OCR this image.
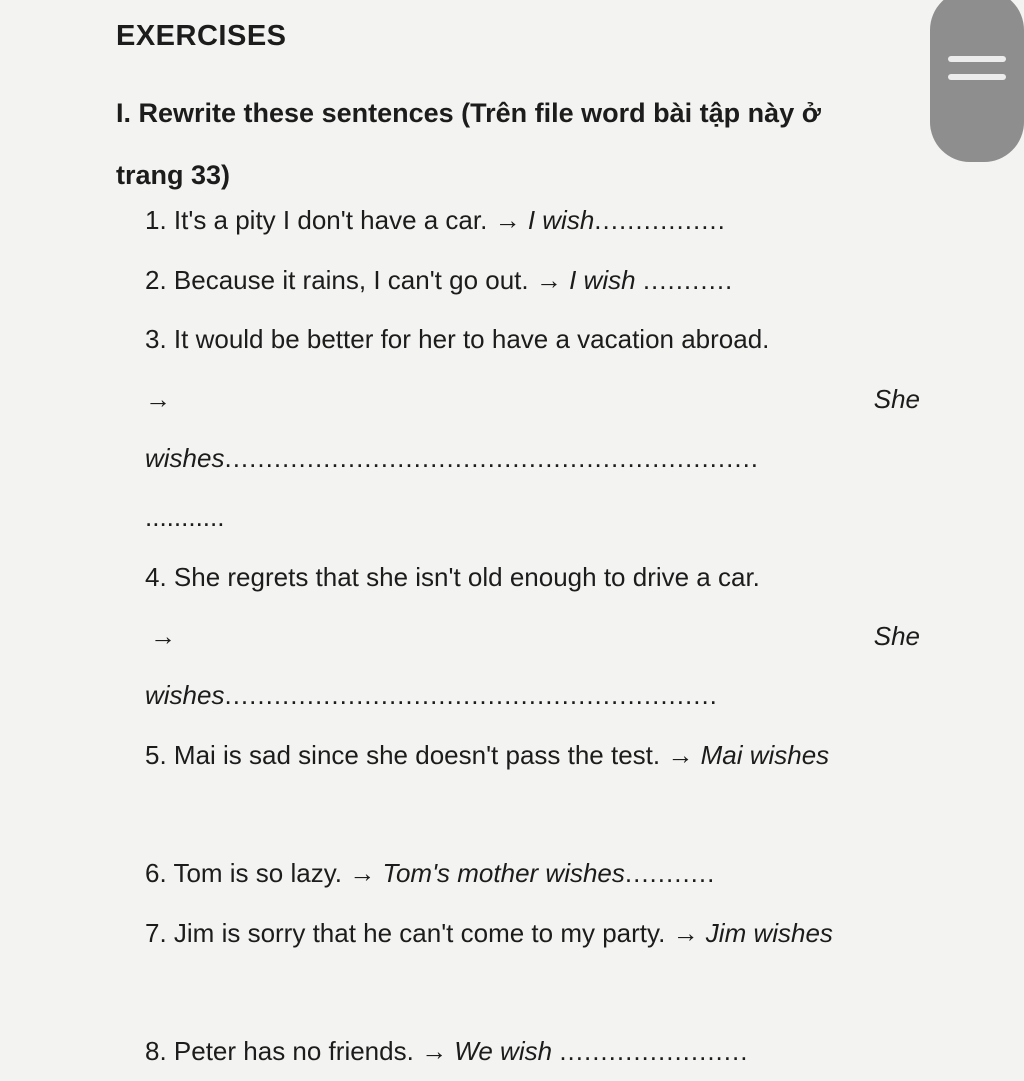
EXERCISES
I. Rewrite these sentences (Trên file word bài tập này ở
trang 33)
1. It's a pity I don't have a car. → I wish................
2. Because it rains, I can't go out. → I wish ...........
3. It would be better for her to have a vacation abroad.
→	She
wishes.................................................................
...........
4. She regrets that she isn't old enough to drive a car.
→	She
wishes............................................................
5. Mai is sad since she doesn't pass the test. → Mai wishes
6. Tom is so lazy. → Tom's mother wishes...........
7. Jim is sorry that he can't come to my party. → Jim wishes
8. Peter has no friends. → We wish .......................
